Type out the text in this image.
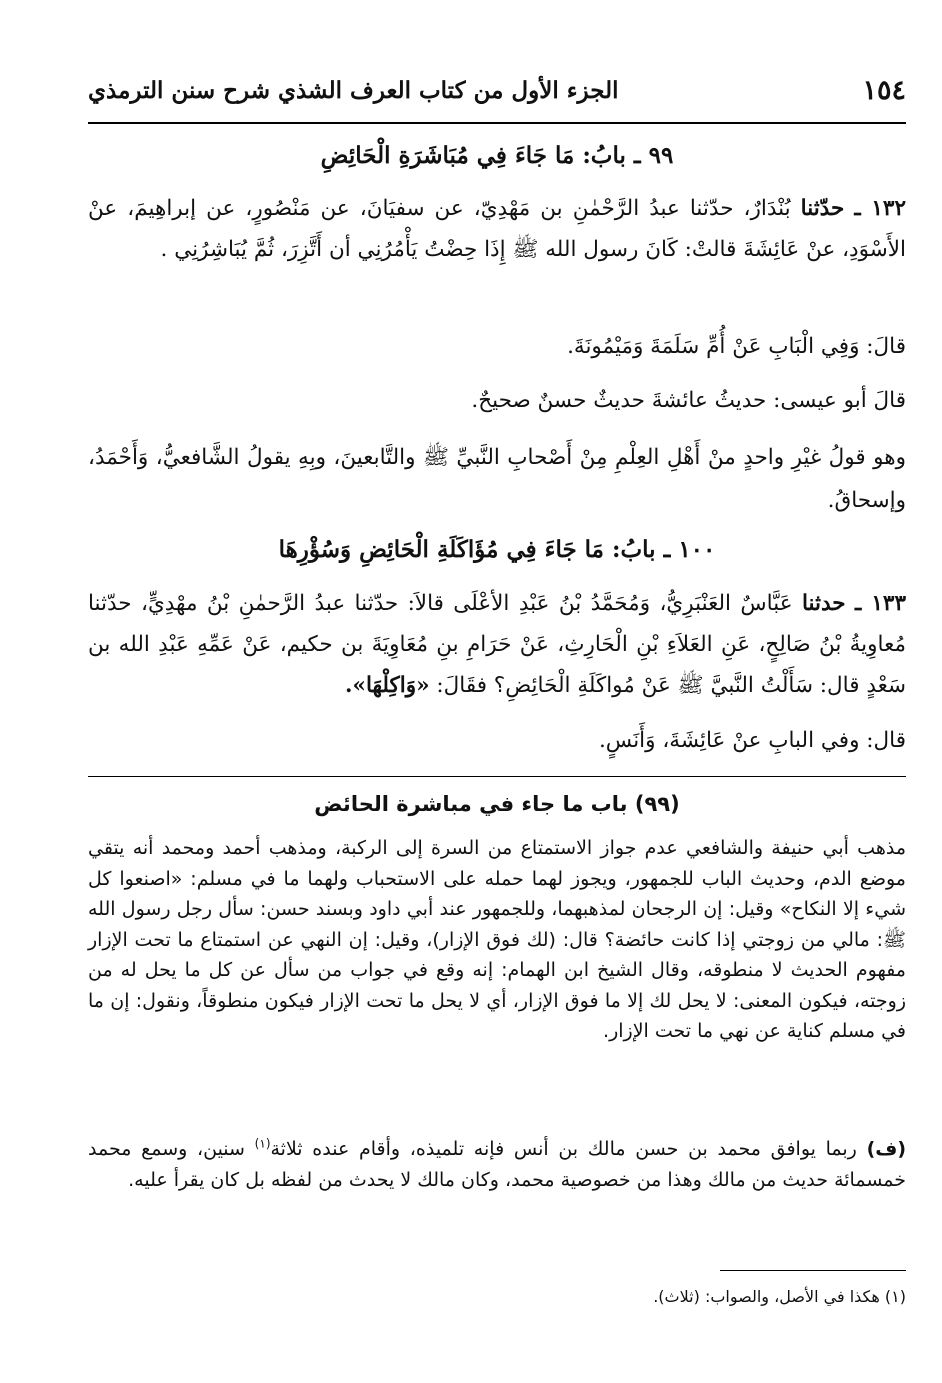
١٥٤
الجزء الأول من كتاب العرف الشذي شرح سنن الترمذي
٩٩ ـ بابُ: مَا جَاءَ فِي مُبَاشَرَةِ الْحَائِضِ
١٣٢ ـ حدّثنا بُنْدَارٌ، حدّثنا عبدُ الرَّحْمٰنِ بن مَهْدِيّ، عن سفيَانَ، عن مَنْصُورٍ، عن إبراهِيمَ، عنْ الأَسْوَدِ، عنْ عَائِشَةَ قالتْ: كَانَ رسول الله ﷺ إِذَا حِضْتُ يَأْمُرُنِي أن أَتَّزِرَ، ثُمَّ يُبَاشِرُنِي .
قالَ: وَفِي الْبَابِ عَنْ أُمِّ سَلَمَةَ وَمَيْمُونَةَ.
قالَ أبو عيسى: حديثُ عائشةَ حديثٌ حسنٌ صحيحٌ.
وهو قولُ غيْرِ واحدٍ منْ أَهْلِ العِلْمِ مِنْ أَصْحابِ النَّبيِّ ﷺ والتَّابعينَ، وبِهِ يقولُ الشَّافعيُّ، وَأَحْمَدُ، وإسحاقُ.
١٠٠ ـ بابُ: مَا جَاءَ فِي مُؤَاكَلَةِ الْحَائِضِ وَسُؤْرِهَا
١٣٣ ـ حدثنا عَبَّاسٌ العَنْبَرِيُّ، وَمُحَمَّدُ بْنُ عَبْدِ الأعْلَى قالاَ: حدّثنا عبدُ الرَّحمٰنِ بْنُ مهْدِيٍّ، حدّثنا مُعاوِيةُ بْنُ صَالِحٍ، عَنِ العَلاَءِ بْنِ الْحَارِثِ، عَنْ حَرَامِ بنِ مُعَاوِيَةَ بن حكيم، عَنْ عَمِّهِ عَبْدِ الله بن سَعْدٍ قال: سَأَلْتُ النَّبيَّ ﷺ عَنْ مُواكَلَةِ الْحَائِضِ؟ فقَالَ: «وَاكِلْهَا».
قال: وفي البابِ عنْ عَائِشَةَ، وَأَنَسٍ.
(٩٩) باب ما جاء في مباشرة الحائض
مذهب أبي حنيفة والشافعي عدم جواز الاستمتاع من السرة إلى الركبة، ومذهب أحمد ومحمد أنه يتقي موضع الدم، وحديث الباب للجمهور، ويجوز لهما حمله على الاستحباب ولهما ما في مسلم: «اصنعوا كل شيء إلا النكاح» وقيل: إن الرجحان لمذهبهما، وللجمهور عند أبي داود وبسند حسن: سأل رجل رسول الله ﷺ: مالي من زوجتي إذا كانت حائضة؟ قال: (لك فوق الإزار)، وقيل: إن النهي عن استمتاع ما تحت الإزار مفهوم الحديث لا منطوقه، وقال الشيخ ابن الهمام: إنه وقع في جواب من سأل عن كل ما يحل له من زوجته، فيكون المعنى: لا يحل لك إلا ما فوق الإزار، أي لا يحل ما تحت الإزار فيكون منطوقاً، ونقول: إن ما في مسلم كناية عن نهي ما تحت الإزار.
(ف) ربما يوافق محمد بن حسن مالك بن أنس فإنه تلميذه، وأقام عنده ثلاثة$^{(١)}$ سنين، وسمع محمد خمسمائة حديث من مالك وهذا من خصوصية محمد، وكان مالك لا يحدث من لفظه بل كان يقرأ عليه.
(١) هكذا في الأصل، والصواب: (ثلاث).
